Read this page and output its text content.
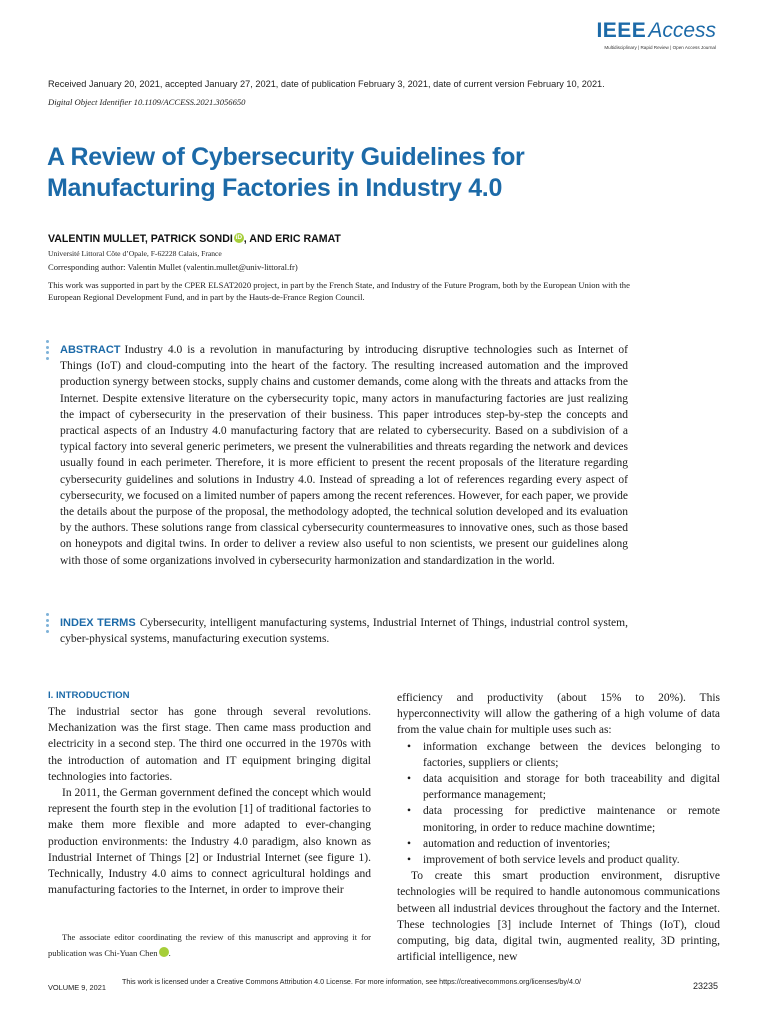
IEEEAccess
Multidisciplinary | Rapid Review | Open Access Journal
Received January 20, 2021, accepted January 27, 2021, date of publication February 3, 2021, date of current version February 10, 2021.
Digital Object Identifier 10.1109/ACCESS.2021.3056650
A Review of Cybersecurity Guidelines for
Manufacturing Factories in Industry 4.0
VALENTIN MULLET, PATRICK SONDI iD , AND ERIC RAMAT
Université Littoral Côte d’Opale, F-62228 Calais, France
Corresponding author: Valentin Mullet (valentin.mullet@univ-littoral.fr)
This work was supported in part by the CPER ELSAT2020 project, in part by the French State, and Industry of the Future Program, both by the European Union with the European Regional Development Fund, and in part by the Hauts-de-France Region Council.
ABSTRACT Industry 4.0 is a revolution in manufacturing by introducing disruptive technologies such as Internet of Things (IoT) and cloud-computing into the heart of the factory. The resulting increased automation and the improved production synergy between stocks, supply chains and customer demands, come along with the threats and attacks from the Internet. Despite extensive literature on the cybersecurity topic, many actors in manufacturing factories are just realizing the impact of cybersecurity in the preservation of their business. This paper introduces step-by-step the concepts and practical aspects of an Industry 4.0 manufacturing factory that are related to cybersecurity. Based on a subdivision of a typical factory into several generic perimeters, we present the vulnerabilities and threats regarding the network and devices usually found in each perimeter. Therefore, it is more efficient to present the recent proposals of the literature regarding cybersecurity guidelines and solutions in Industry 4.0. Instead of spreading a lot of references regarding every aspect of cybersecurity, we focused on a limited number of papers among the recent references. However, for each paper, we provide the details about the purpose of the proposal, the methodology adopted, the technical solution developed and its evaluation by the authors. These solutions range from classical cybersecurity countermeasures to innovative ones, such as those based on honeypots and digital twins. In order to deliver a review also useful to non scientists, we present our guidelines along with those of some organizations involved in cybersecurity harmonization and standardization in the world.
INDEX TERMS Cybersecurity, intelligent manufacturing systems, Industrial Internet of Things, industrial control system, cyber-physical systems, manufacturing execution systems.
I. INTRODUCTION

The industrial sector has gone through several revolutions. Mechanization was the first stage. Then came mass production and electricity in a second step. The third one occurred in the 1970s with the introduction of automation and IT equipment bringing digital technologies into factories.

In 2011, the German government defined the concept which would represent the fourth step in the evolution [1] of traditional factories to make them more flexible and more adapted to ever-changing production environments: the Industry 4.0 paradigm, also known as Industrial Internet of Things [2] or Industrial Internet (see figure 1). Technically, Industry 4.0 aims to connect agricultural holdings and manufacturing factories to the Internet, in order to improve their

efficiency and productivity (about 15% to 20%). This hyperconnectivity will allow the gathering of a high volume of data from the value chain for multiple uses such as:

• information exchange between the devices belonging to factories, suppliers or clients;
• data acquisition and storage for both traceability and digital performance management;
• data processing for predictive maintenance or remote monitoring, in order to reduce machine downtime;
• automation and reduction of inventories;
• improvement of both service levels and product quality.

To create this smart production environment, disruptive technologies will be required to handle autonomous communications between all industrial devices throughout the factory and the Internet. These technologies [3] include Internet of Things (IoT), cloud computing, big data, digital twin, augmented reality, 3D printing, artificial intelligence, new

The associate editor coordinating the review of this manuscript and approving it for publication was Chi-Yuan Chen iD.
VOLUME 9, 2021
This work is licensed under a Creative Commons Attribution 4.0 License. For more information, see https://creativecommons.org/licenses/by/4.0/	23235
